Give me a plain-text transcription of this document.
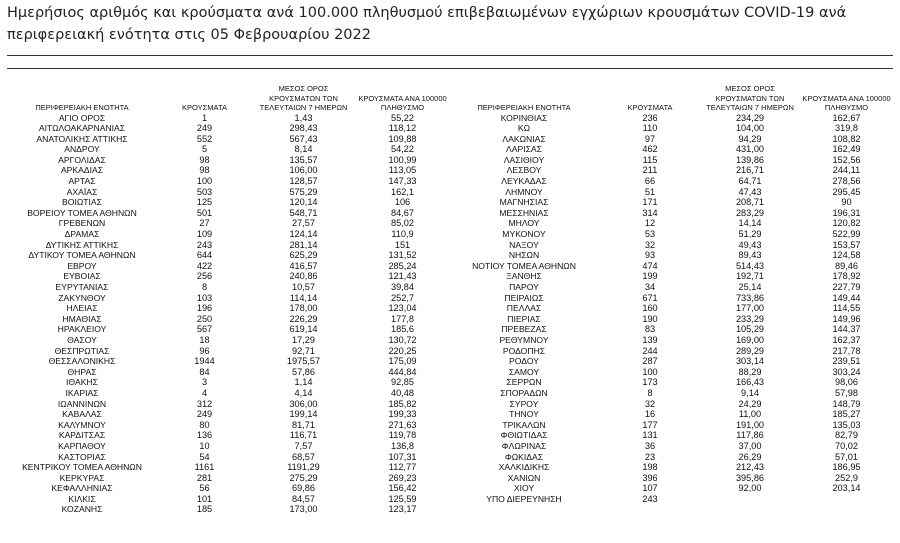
Ημερήσιος αριθμός και κρούσματα ανά 100.000 πληθυσμού επιβεβαιωμένων εγχώριων κρουσμάτων COVID-19 ανά περιφερειακή ενότητα στις 05 Φεβρουαρίου 2022
ΠΕΡΙΦΕΡΕΙΑΚΗ ΕΝΟΤΗΤΑ	ΚΡΟΥΣΜΑΤΑ	ΜΕΣΟΣ ΟΡΟΣ ΚΡΟΥΣΜΑΤΩΝ ΤΩΝ ΤΕΛΕΥΤΑΙΩΝ 7 ΗΜΕΡΩΝ	ΚΡΟΥΣΜΑΤΑ ΑΝΑ 100000 ΠΛΗΘΥΣΜΟ
ΑΓΙΟ ΟΡΟΣ	1	1,43	55,22
ΑΙΤΩΛΟΑΚΑΡΝΑΝΙΑΣ	249	298,43	118,12
ΑΝΑΤΟΛΙΚΗΣ ΑΤΤΙΚΗΣ	552	567,43	109,88
ΑΝΔΡΟΥ	5	8,14	54,22
ΑΡΓΟΛΙΔΑΣ	98	135,57	100,99
ΑΡΚΑΔΙΑΣ	98	106,00	113,05
ΑΡΤΑΣ	100	128,57	147,33
ΑΧΑΪΑΣ	503	575,29	162,1
ΒΟΙΩΤΙΑΣ	125	120,14	106
ΒΟΡΕΙΟΥ ΤΟΜΕΑ ΑΘΗΝΩΝ	501	548,71	84,67
ΓΡΕΒΕΝΩΝ	27	27,57	85,02
ΔΡΑΜΑΣ	109	124,14	110,9
ΔΥΤΙΚΗΣ ΑΤΤΙΚΗΣ	243	281,14	151
ΔΥΤΙΚΟΥ ΤΟΜΕΑ ΑΘΗΝΩΝ	644	625,29	131,52
ΕΒΡΟΥ	422	416,57	285,24
ΕΥΒΟΙΑΣ	256	240,86	121,43
ΕΥΡΥΤΑΝΙΑΣ	8	10,57	39,84
ΖΑΚΥΝΘΟΥ	103	114,14	252,7
ΗΛΕΙΑΣ	196	178,00	123,04
ΗΜΑΘΙΑΣ	250	226,29	177,8
ΗΡΑΚΛΕΙΟΥ	567	619,14	185,6
ΘΑΣΟΥ	18	17,29	130,72
ΘΕΣΠΡΩΤΙΑΣ	96	92,71	220,25
ΘΕΣΣΑΛΟΝΙΚΗΣ	1944	1975,57	175,09
ΘΗΡΑΣ	84	57,86	444,84
ΙΘΑΚΗΣ	3	1,14	92,85
ΙΚΑΡΙΑΣ	4	4,14	40,48
ΙΩΑΝΝΙΝΩΝ	312	306,00	185,82
ΚΑΒΑΛΑΣ	249	199,14	199,33
ΚΑΛΥΜΝΟΥ	80	81,71	271,63
ΚΑΡΔΙΤΣΑΣ	136	116,71	119,78
ΚΑΡΠΑΘΟΥ	10	7,57	136,8
ΚΑΣΤΟΡΙΑΣ	54	68,57	107,31
ΚΕΝΤΡΙΚΟΥ ΤΟΜΕΑ ΑΘΗΝΩΝ	1161	1191,29	112,77
ΚΕΡΚΥΡΑΣ	281	275,29	269,23
ΚΕΦΑΛΛΗΝΙΑΣ	56	69,86	156,42
ΚΙΛΚΙΣ	101	84,57	125,59
ΚΟΖΑΝΗΣ	185	173,00	123,17
ΠΕΡΙΦΕΡΕΙΑΚΗ ΕΝΟΤΗΤΑ	ΚΡΟΥΣΜΑΤΑ	ΜΕΣΟΣ ΟΡΟΣ ΚΡΟΥΣΜΑΤΩΝ ΤΩΝ ΤΕΛΕΥΤΑΙΩΝ 7 ΗΜΕΡΩΝ	ΚΡΟΥΣΜΑΤΑ ΑΝΑ 100000 ΠΛΗΘΥΣΜΟ
ΚΟΡΙΝΘΙΑΣ	236	234,29	162,67
ΚΩ	110	104,00	319,8
ΛΑΚΩΝΙΑΣ	97	94,29	108,82
ΛΑΡΙΣΑΣ	462	431,00	162,49
ΛΑΣΙΘΙΟΥ	115	139,86	152,56
ΛΕΣΒΟΥ	211	216,71	244,11
ΛΕΥΚΑΔΑΣ	66	64,71	278,56
ΛΗΜΝΟΥ	51	47,43	295,45
ΜΑΓΝΗΣΙΑΣ	171	208,71	90
ΜΕΣΣΗΝΙΑΣ	314	283,29	196,31
ΜΗΛΟΥ	12	14,14	120,82
ΜΥΚΟΝΟΥ	53	51,29	522,99
ΝΑΞΟΥ	32	49,43	153,57
ΝΗΣΩΝ	93	89,43	124,58
ΝΟΤΙΟΥ ΤΟΜΕΑ ΑΘΗΝΩΝ	474	514,43	89,46
ΞΑΝΘΗΣ	199	192,71	178,92
ΠΑΡΟΥ	34	25,14	227,79
ΠΕΙΡΑΙΩΣ	671	733,86	149,44
ΠΕΛΛΑΣ	160	177,00	114,55
ΠΙΕΡΙΑΣ	190	233,29	149,96
ΠΡΕΒΕΖΑΣ	83	105,29	144,37
ΡΕΘΥΜΝΟΥ	139	169,00	162,37
ΡΟΔΟΠΗΣ	244	289,29	217,78
ΡΟΔΟΥ	287	303,14	239,51
ΣΑΜΟΥ	100	88,29	303,24
ΣΕΡΡΩΝ	173	166,43	98,06
ΣΠΟΡΑΔΩΝ	8	9,14	57,98
ΣΥΡΟΥ	32	24,29	148,79
ΤΗΝΟΥ	16	11,00	185,27
ΤΡΙΚΑΛΩΝ	177	191,00	135,03
ΦΘΙΩΤΙΔΑΣ	131	117,86	82,79
ΦΛΩΡΙΝΑΣ	36	37,00	70,02
ΦΩΚΙΔΑΣ	23	26,29	57,01
ΧΑΛΚΙΔΙΚΗΣ	198	212,43	186,95
ΧΑΝΙΩΝ	396	395,86	252,9
ΧΙΟΥ	107	92,00	203,14
ΥΠΟ ΔΙΕΡΕΥΝΗΣΗ	243		
